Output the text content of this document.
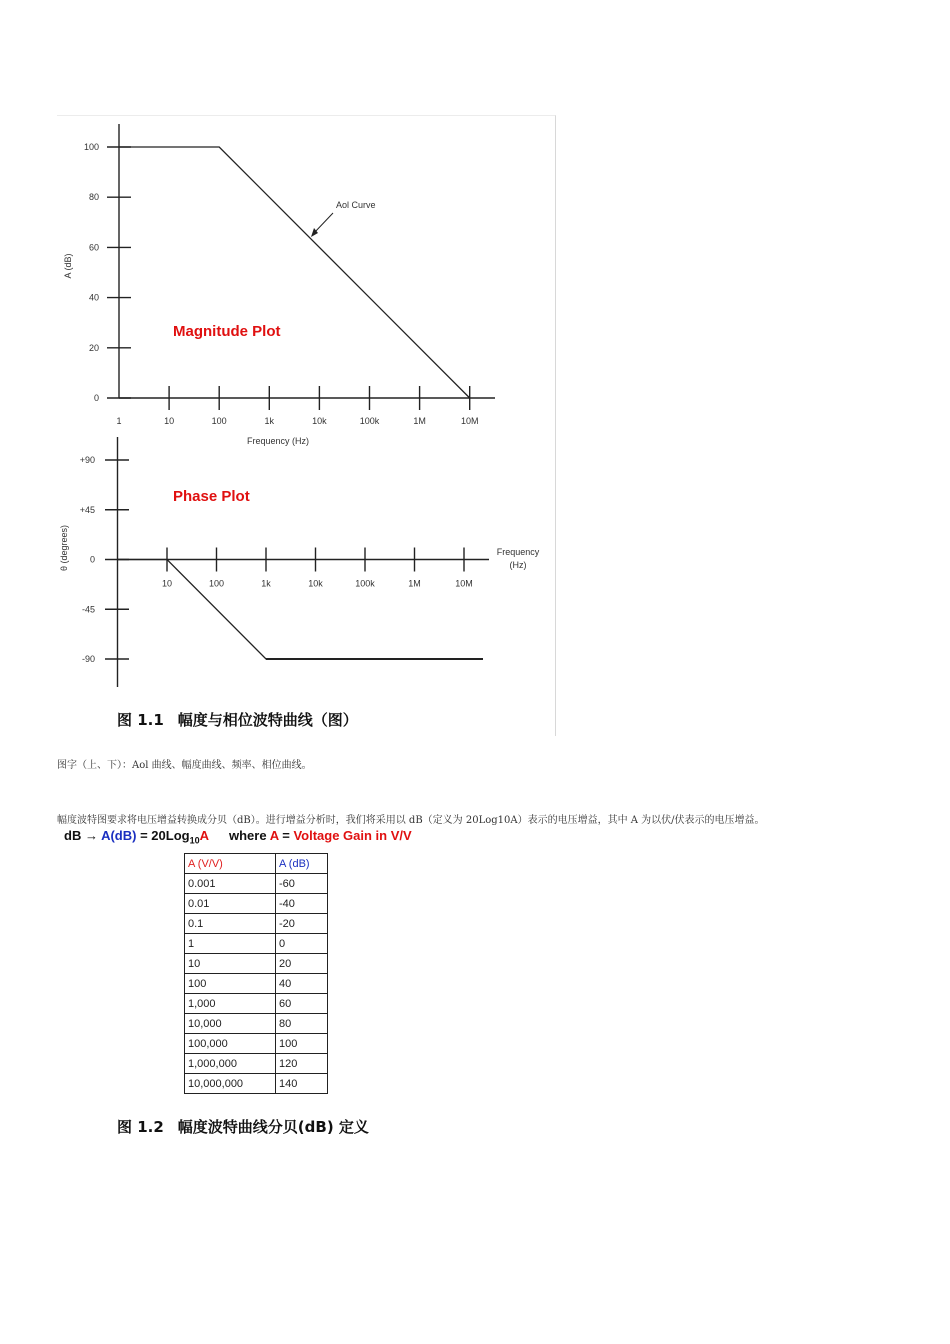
100
80
60
40
20
0
1	10	100	1k	10k	100k	1M	10M
Frequency (Hz)
A (dB)
Magnitude Plot
Aol Curve
+90
+45
0
-45
-90
10	100	1k	10k	100k	1M	10M
Frequency
(Hz)
θ (degrees)
Phase Plot
图 1.1 幅度与相位波特曲线（图）
图字（上、下）：Aol 曲线、幅度曲线、频率、相位曲线。
幅度波特图要求将电压增益转换成分贝（dB）。进行增益分析时，我们将采用以 dB（定义为 20Log10A）表示的电压增益，其中 A 为以伏/伏表示的电压增益。
dB → A(dB) = 20Log$_{10}$A where A = Voltage Gain in V/V
A (V/V)	A (dB)
0.001	-60
0.01	-40
0.1	-20
1	0
10	20
100	40
1,000	60
10,000	80
100,000	100
1,000,000	120
10,000,000	140
图 1.2 幅度波特曲线分贝(dB) 定义
